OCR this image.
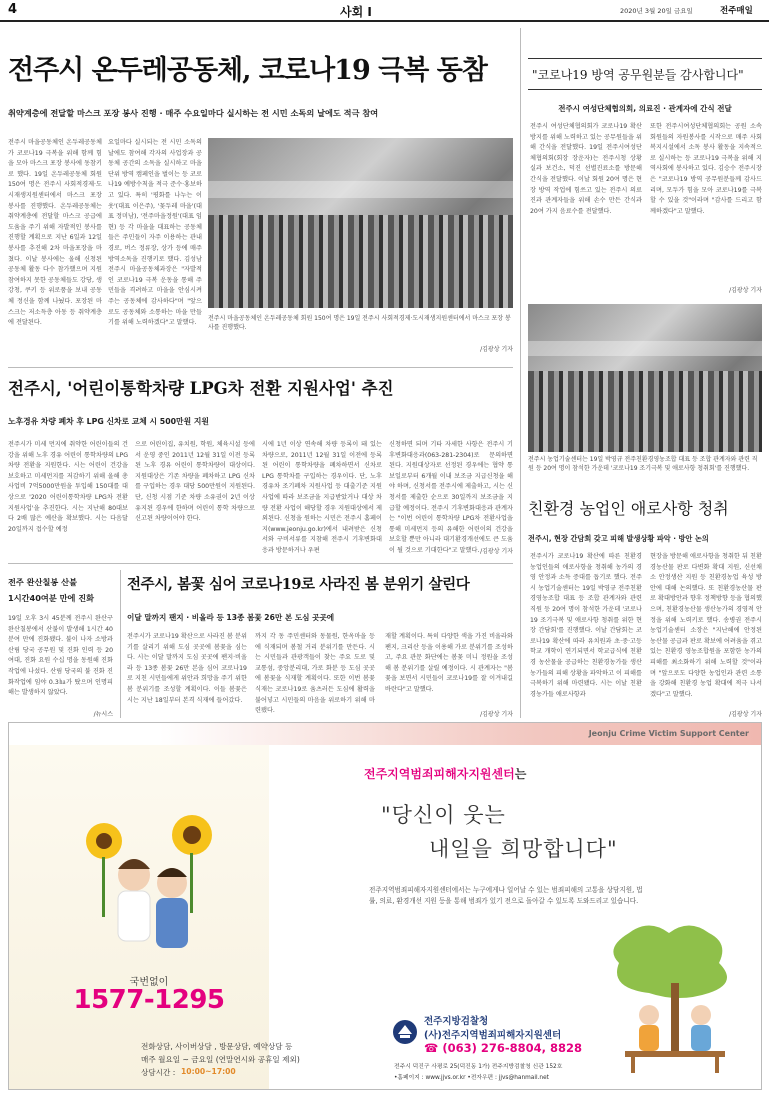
4	사회 I	2020년 3월 20일 금요일	전주매일
전주시 온두레공동체, 코로나19 극복 동참
취약계층에 전달할 마스크 포장 봉사 진행 · 매주 수요일마다 실시하는 전 시민 소독의 날에도 적극 참여
전주시 마을공동체인 온두레공동체가 코로나19 극복을 위해 함께 힘을 모아 마스크 포장 봉사에 동참키로 했다. 19일 온두레공동체 회원 150여 명은 전주시 사회적경제·도시재생지원센터에서 마스크 포장 봉사를 진행했다. 온두레공동체는 취약계층에 전달할 마스크 공급에 도움을 주기 위해 자발적인 봉사를 진행할 계획으로 지난 6일과 12일 봉사를 추진해 2차 마을포장을 마쳤다. 이날 봉사에는 올해 신청된 공동체 활동 다수 참가했으며 지원 참여하지 못한 공동체들도 강당, 생강청, 쿠키 등 위로품을 보내 공동체 정신을 함께 나눴다. 포장된 마스크는 저소득층 아동 등 취약계층에 전달된다.
요일마다 실시되는 전 시민 소독의 날에도 참여해 각자의 사업장과 공동체 공간의 소독을 실시하고 마을 단위 방역 캠페인을 벌이는 등 코로나19 예방수칙을 적극 준수·홍보하고 있다. 특히 '평화를 나누는 이웃'(대표 이은주), '꽃두레 마을'(대표 정미남), '전주마을정원'(대표 임현) 등 각 마을을 대표하는 공동체들은 주민들이 자주 이용하는 관내 경로, 버스 정류장, 상가 등에 매주 방역소독을 진행키로 했다. 김성남 전주시 마을공동체과장은 "자발적인 코로나19 극복 운동을 통해 주민들을 격려하고 마을을 안심시켜 주는 공동체에 감사하다"며 "앞으로도 공동체와 소통하는 마을 만들기를 위해 노력하겠다"고 말했다.
전주시 마을공동체인 온두레공동체 회원 150여 명은 19일 전주시 사회적경제·도시재생지원센터에서 마스크 포장 봉사를 진행했다.
/김광상 기자
"코로나19 방역 공무원분들 감사합니다"
전주시 여성단체협의회, 의료진 · 관계자에 간식 전달
전주시 여성단체협의회가 코로나19 확산 방지를 위해 노력하고 있는 공무원들을 위해 간식을 전달했다. 19일 전주시여성단체협의회(회장 장운자)는 전주시청 상황실과 보건소, 덕진 선별진료소를 방문해 간식을 전달했다. 이날 회원 20여 명은 현장 방역 작업에 힘쓰고 있는 전주시 의료진과 관계자들을 위해 손수 만든 간식과 20여 가지 음료수를 전달했다.
또한 전주시여성단체협의회는 공원 소속 회원들의 자원봉사를 시작으로 매주 사회복지시설에서 소독 봉사 활동을 지속적으로 실시하는 등 코로나19 극복을 위해 지역사회에 봉사하고 있다. 김승수 전주시장은 "코로나19 방역 공무원분들께 감사드리며, 모두가 힘을 모아 코로나19를 극복할 수 있을 것"이라며 "감사를 드리고 함께하겠다"고 말했다.
/김광상 기자
전주시 농업기술센터는 19일 박영규 전주친환경영농조합 대표 등 조합 관계자와 관련 직원 등 20여 명이 참석한 가운데 '코로나19 조기극복 및 애로사항 청취회'를 진행했다.
전주시, '어린이통학차량 LPG차 전환 지원사업' 추진
노후경유 차량 폐차 후 LPG 신차로 교체 시 500만원 지원
전주시가 미세 먼지에 취약한 어린이들의 건강을 위해 노후 경유 어린이 통학차량의 LPG 차량 전환을 지원한다. 시는 어린이 건강을 보호하고 미세먼지를 저감하기 위해 올해 총사업비 7억5000만원을 투입해 150대를 대상으로 '2020 어린이통학차량 LPG차 전환 지원사업'을 추진한다. 시는 지난해 80대보다 2배 많은 예산을 확보했다. 시는 다음달 20일까지 접수할 예정
으로 어린이집, 유치원, 학원, 체육시설 등에서 운영 중인 2011년 12월 31일 이전 등록된 노후 경유 어린이 통학차량이 대상이다. 지원대상은 기존 차량을 폐차하고 LPG 신차를 구입하는 경우 대당 500만원이 지원된다. 단, 신청 시점 기준 차량 소유권이 2년 이상 유지된 경우에 한하며 어린이 통학 차량으로 신고된 차량이어야 한다.
시에 1년 이상 연속해 차량 등록이 돼 있는 차량으로, 2011년 12월 31일 이전에 등록된 어린이 통학차량을 폐차하면서 신차로 LPG 통학차를 구입하는 경우이다. 단, 노후경유차 조기폐차 지원사업 등 대출기준 지원사업에 따라 보조금을 지급받았거나 대상 차량 전환 사업이 해당할 경우 지원대상에서 제외된다. 신청을 원하는 시민은 전주시 홈페이지(www.jeonju.go.kr)에서 내려받은 신청서와 구비서류를 지참해 전주시 기후변화대응과 방문하거나 우편
신청하면 되며 기타 자세한 사항은 전주시 기후변화대응과(063-281-2304)로 문의하면 된다. 지원대상자로 선정된 경우에는 협약 통보일로부터 6개월 이내 보조금 지급신청을 해야 하며, 신청서를 전주시에 제출하고, 시는 신청서를 제출한 순으로 30일까지 보조금을 지급할 예정이다. 전주시 기후변화대응과 관계자는 "이번 어린이 통학차량 LPG차 전환사업을 통해 미세먼지 등의 유해한 어린이의 건강을 보호할 뿐만 아니라 대기환경개선에도 큰 도움이 될 것으로 기대한다"고 말했다. /김광상 기자
친환경 농업인 애로사항 청취
전주시, 현장 간담회 갖고 피해 발생상황 파악 · 방안 논의
전주시가 코로나19 확산에 따른 친환경 농업인들의 애로사항을 청취해 농가의 경영 안정과 소득 증대를 돕기로 했다. 전주시 농업기술센터는 19일 박영규 전주친환경영농조합 대표 등 조합 관계자와 관련 직원 등 20여 명이 참석한 가운데 '코로나19 조기극복 및 애로사항 청취를 위한 현장 간담회'를 진행했다. 이날 간담회는 코로나19 확산에 따라 유치원과 초·중·고등학교 개학이 연기되면서 학교급식에 친환경 농산물을 공급하는 친환경농가들 생산 농가들의 피해 상황을 파악하고 이 피해를 극복하기 위해 마련됐다. 시는 이날 친환경농가들 애로사항과
현장을 방문해 애로사항을 청취한 뒤 친환경농산물 판로 다변화 확대 지원, 신선채소 안정생산 지원 등 친환경농업 육성 방안에 대해 논의했다. 또 친환경농산물 판로 확대방안과 향후 정책방향 등을 협의했으며, 친환경농산물 생산농가의 경영적 안정을 위해 노력키로 했다. 송병권 전주시 농업기술센터 소장은 "지난해에 안정된 농산물 공급과 판로 확보에 어려움을 겪고 있는 친환경 영농조합원을 포함한 농가의 피해를 최소화하기 위해 노력할 것"이라며 "앞으로도 다양한 농업인과 관련 소통을 강화해 친환경 농업 확대에 적극 나서겠다"고 말했다.
/김광상 기자
전주 완산칠봉 산불
1시간40여분 만에 진화
19일 오후 3시 45분께 전주시 완산구 완산칠봉에서 산불이 발생해 1시간 40분여 만에 진화됐다. 불이 나자 소방과 산림 당국 공무원 및 진화 인력 등 20여대, 진화 요원 수십 명을 동원해 진화작업에 나섰다. 산림 당국의 불 진화 진화작업에 임야 0.3㏊가 탔으며 인명피해는 발생하지 않았다.
/뉴시스
전주시, 봄꽃 심어 코로나19로 사라진 봄 분위기 살린다
이달 말까지 팬지 · 비올라 등 13종 봄꽃 26만 본 도심 곳곳에
전주시가 코로나19 확산으로 사라진 봄 분위기를 살리기 위해 도심 곳곳에 봄꽃을 심는다. 시는 이달 말까지 도심 곳곳에 팬지·비올라 등 13종 봄꽃 26만 본을 심어 코로나19로 지친 시민들에게 위안과 희망을 주기 위한 봄 분위기를 조성할 계획이다. 이들 봄꽃은 시는 지난 18일부터 본격 식재에 들어갔다.
까지 각 동 주민센터와 동물원, 한옥마을 등에 식재되며 봄철 거리 분위기를 만든다. 시는 시민들과 관광객들이 찾는 주요 도로 및 교통섬, 중앙분리대, 가로 화분 등 도심 곳곳에 봄꽃을 식재할 계획이다. 또한 이번 봄꽃 식재는 코로나19로 움츠러든 도심에 활력을 불어넣고 시민들의 마음을 위로하기 위해 마련됐다.
재할 계획이다. 특히 다양한 색을 가진 비올라와 팬지, 크리산 등을 이용해 가로 분위기를 조성하고, 주요 관문 화단에는 봄꽃 미니 정원을 조성해 봄 분위기를 살릴 예정이다. 시 관계자는 "봄꽃을 보면서 시민들이 코로나19를 잘 이겨내길 바란다"고 말했다.
/김광상 기자
Jeonju Crime Victim Support Center
국번없이
1577-1295
전화상담, 사이버상담 , 방문상담, 예약상담 등
매주 월요일 ~ 금요일 (연말연시와 공휴일 제외)
상담시간 : 10:00~17:00
전주지역범죄피해자지원센터는
"당신이 웃는
내일을 희망합니다"
전주지역범죄피해자지원센터에서는 누구에게나 일어날 수 있는 범죄피해의 고통을 상담지원, 법률, 의료, 환경개선 지원 등을 통해 범죄가 있기 전으로 돌아갈 수 있도록 도와드리고 있습니다.
전주지방검찰청
(사)전주지역범죄피해자지원센터
☎ (063) 276-8804, 8828
전주시 덕진구 사평로 25(덕진동 1가) 전주지방검찰청 신관 152호
•홈페이지 : www.jjvs.or.kr •전자우편 : jjvs@hanmail.net
